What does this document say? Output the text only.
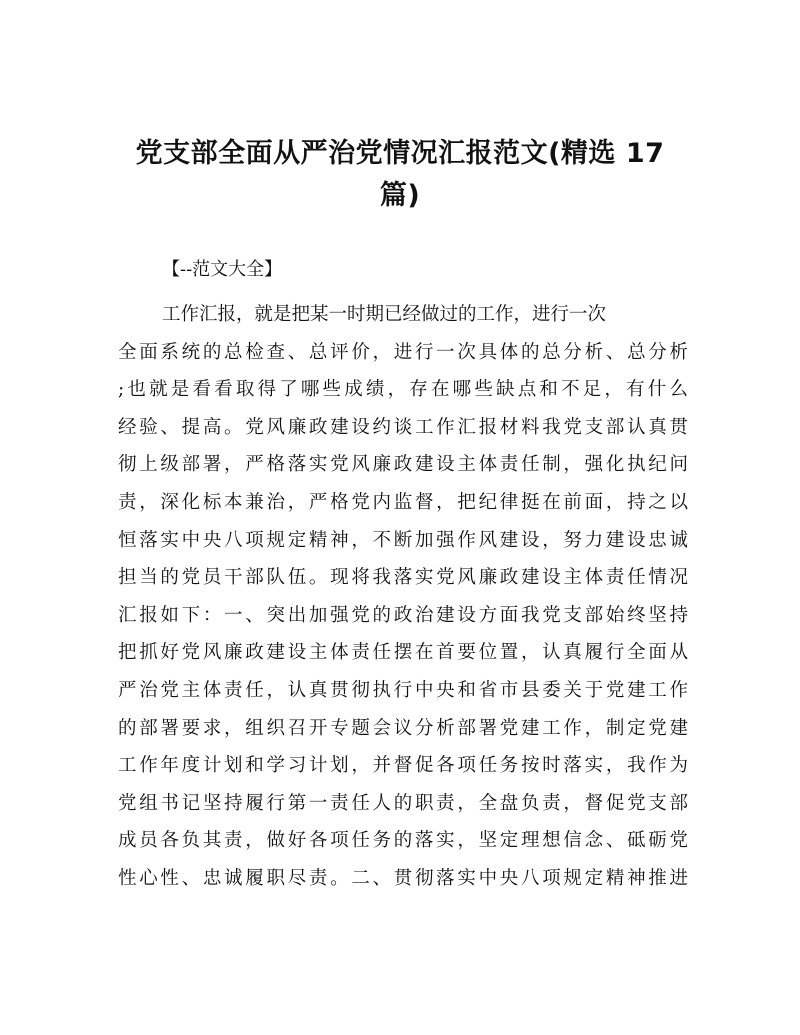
党支部全面从严治党情况汇报范文(精选 17
篇)
【--范文大全】
工作汇报，就是把某一时期已经做过的工作，进行一次
全面系统的总检查、总评价，进行一次具体的总分析、总分析
;也就是看看取得了哪些成绩，存在哪些缺点和不足，有什么
经验、提高。党风廉政建设约谈工作汇报材料我党支部认真贯
彻上级部署，严格落实党风廉政建设主体责任制，强化执纪问
责，深化标本兼治，严格党内监督，把纪律挺在前面，持之以
恒落实中央八项规定精神，不断加强作风建设，努力建设忠诚
担当的党员干部队伍。现将我落实党风廉政建设主体责任情况
汇报如下：一、突出加强党的政治建设方面我党支部始终坚持
把抓好党风廉政建设主体责任摆在首要位置，认真履行全面从
严治党主体责任，认真贯彻执行中央和省市县委关于党建工作
的部署要求，组织召开专题会议分析部署党建工作，制定党建
工作年度计划和学习计划，并督促各项任务按时落实，我作为
党组书记坚持履行第一责任人的职责，全盘负责，督促党支部
成员各负其责，做好各项任务的落实，坚定理想信念、砥砺党
性心性、忠诚履职尽责。二、贯彻落实中央八项规定精神推进
